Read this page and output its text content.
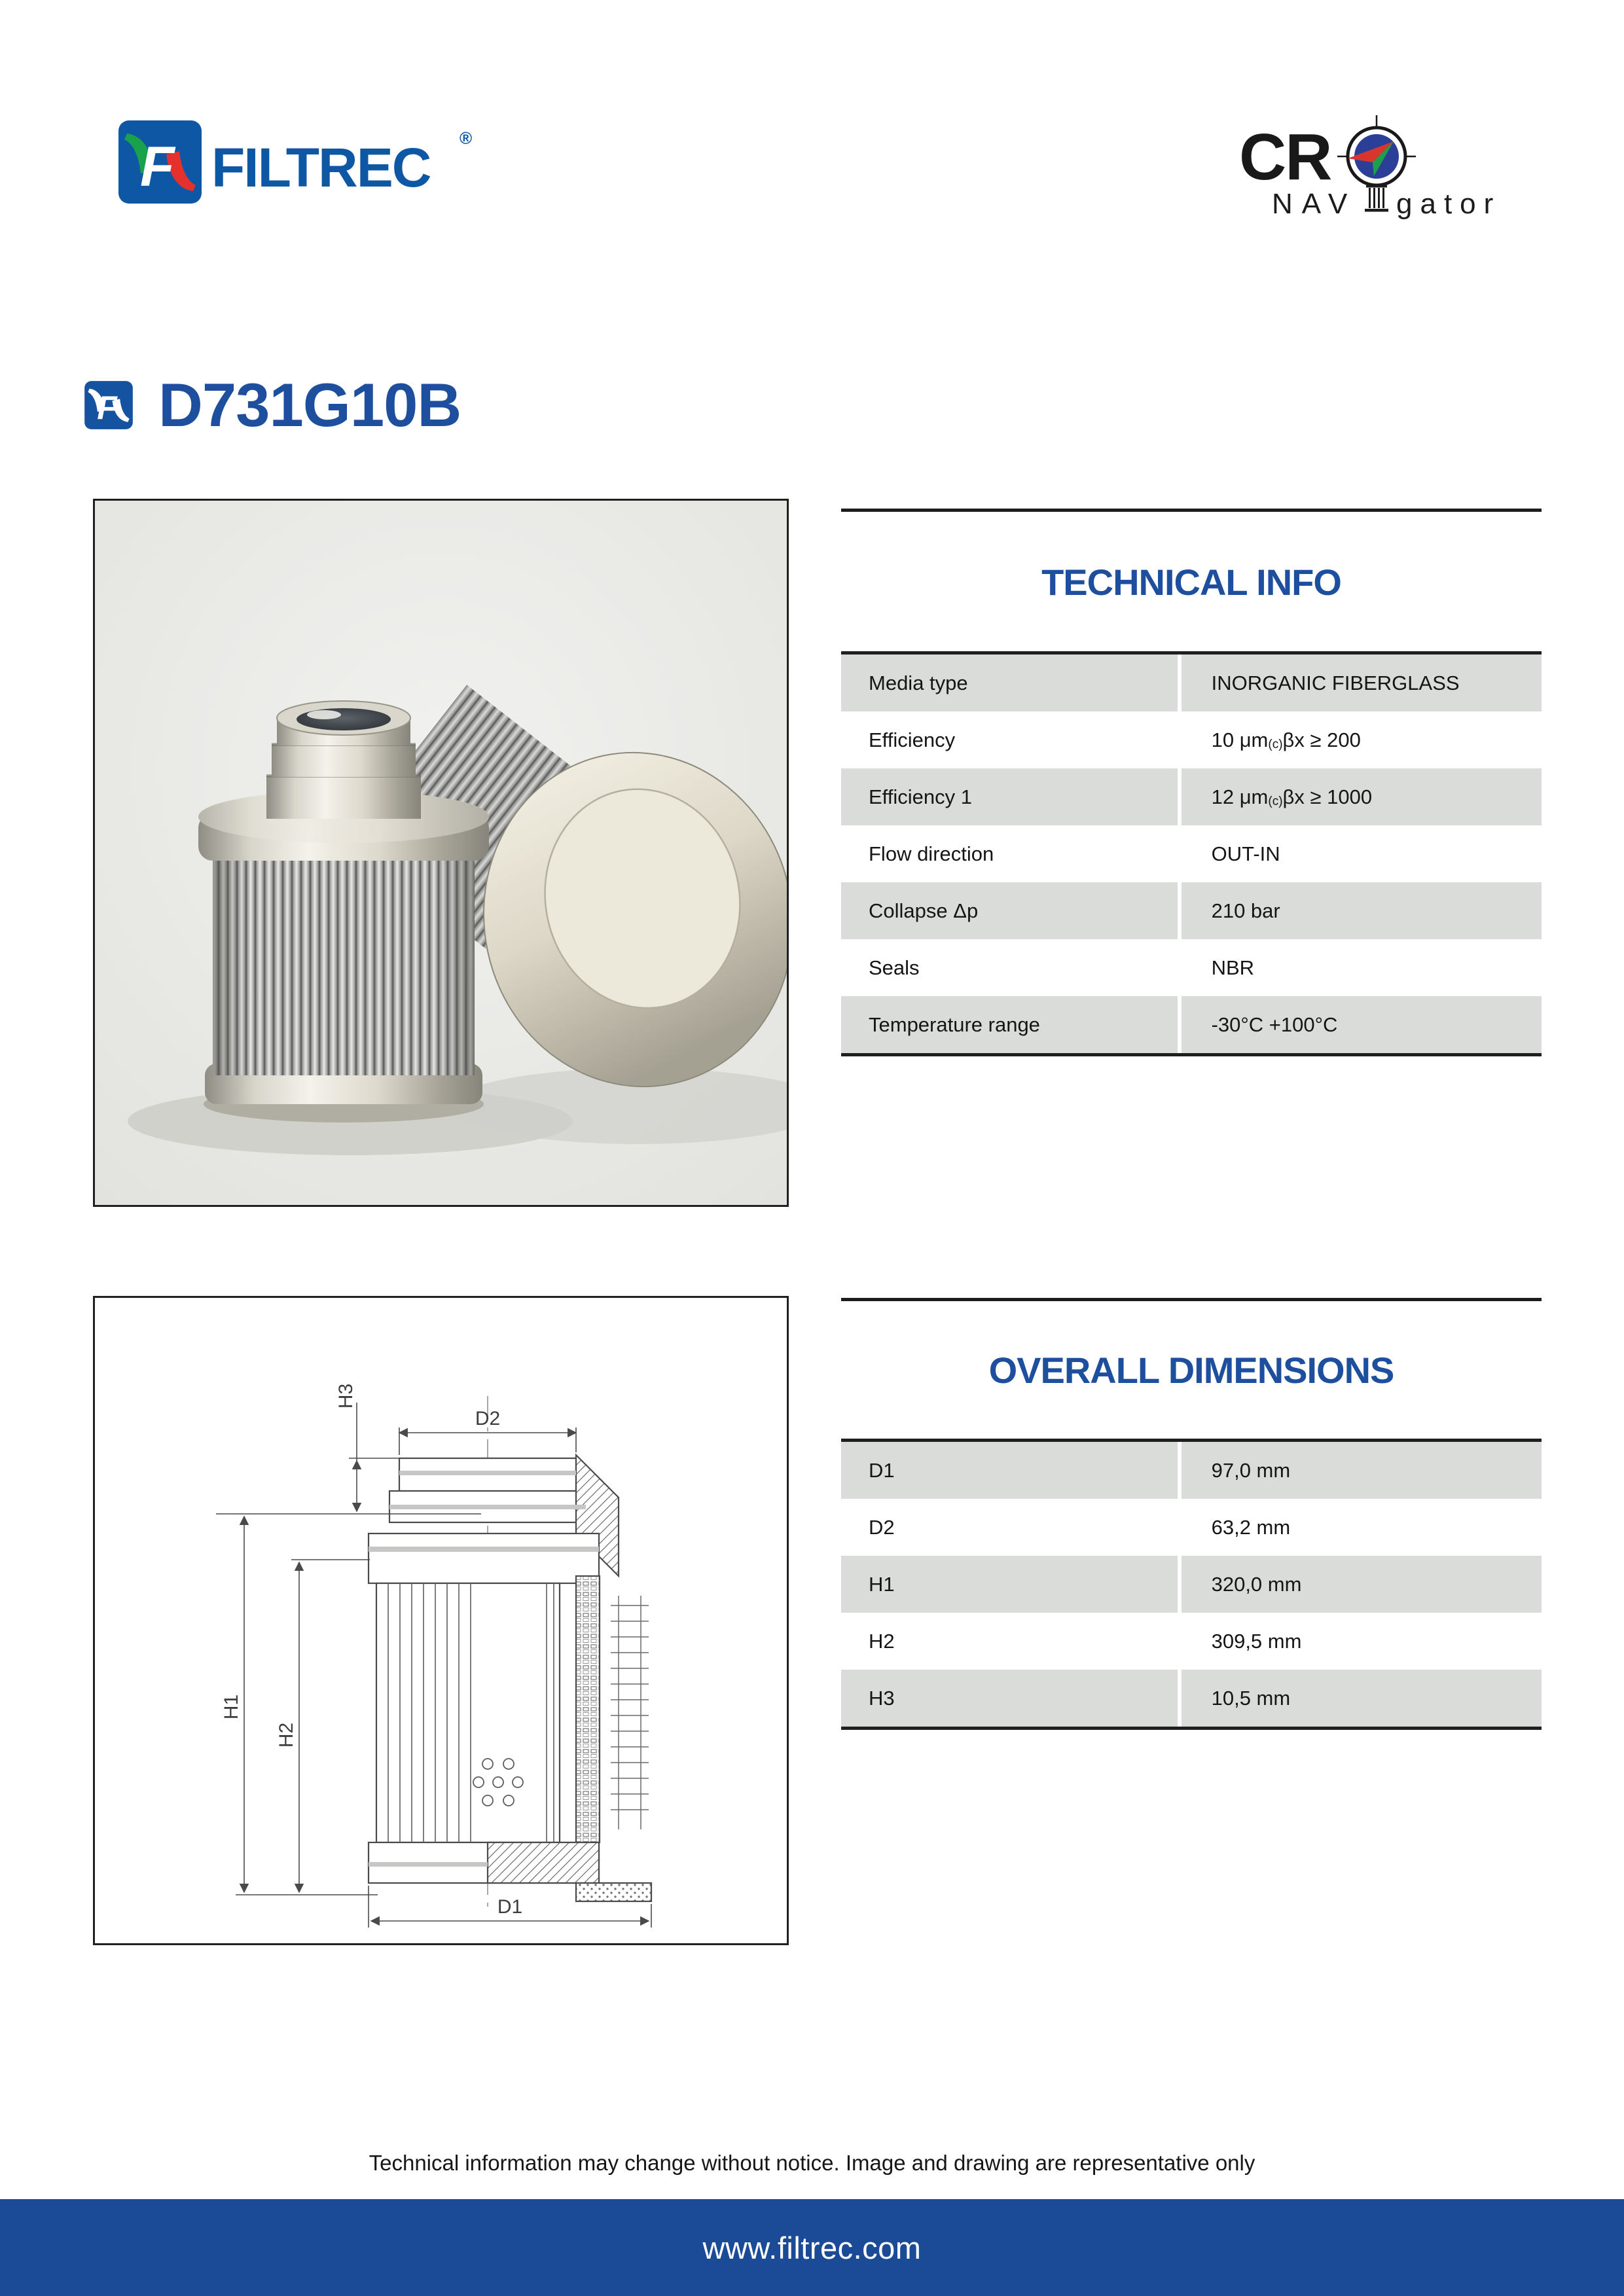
F FILTREC ®	CR
NAV gator
F D731G10B
TECHNICAL INFO
Media type	INORGANIC FIBERGLASS
Efficiency	10 $\mu m_{(c)}$ βx ≥ 200
Efficiency 1	12 $\mu m_{(c)}$ βx ≥ 1000
Flow direction	OUT-IN
Collapse Δp	210 bar
Seals	NBR
Temperature range	-30°C +100°C
D2
H3
H1
H2
D1
OVERALL DIMENSIONS
D1	97,0 mm
D2	63,2 mm
H1	320,0 mm
H2	309,5 mm
H3	10,5 mm

Technical information may change without notice. Image and drawing are representative only

www.filtrec.com
